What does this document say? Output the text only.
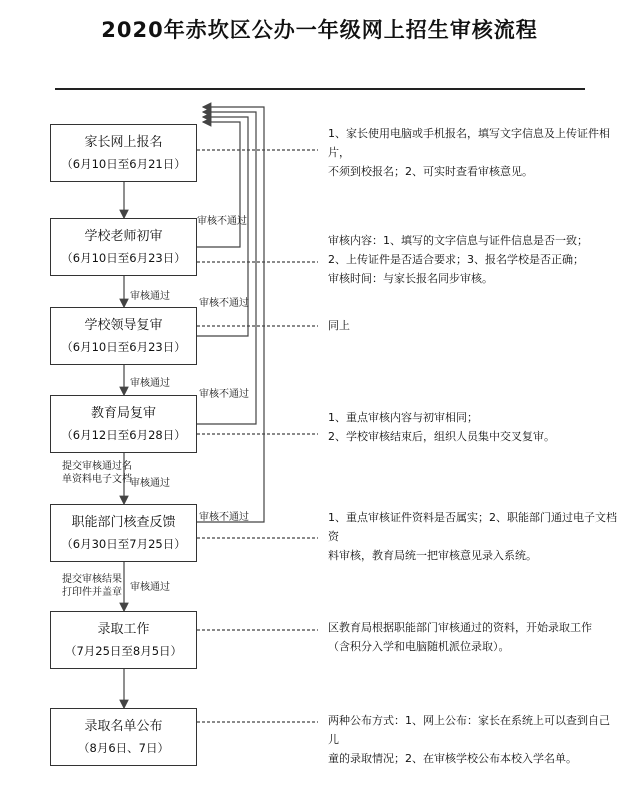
2020年赤坎区公办一年级网上招生审核流程
家长网上报名
（6月10日至6月21日）
学校老师初审
（6月10日至6月23日）
学校领导复审
（6月10日至6月23日）
教育局复审
（6月12日至6月28日）
职能部门核查反馈
（6月30日至7月25日）
录取工作
（7月25日至8月5日）
录取名单公布
（8月6日、7日）
审核不通过
审核通过
审核不通过
审核通过
审核不通过
提交审核通过名
单资料电子文档
审核通过
审核不通过
提交审核结果
打印件并盖章 审核通过
1、家长使用电脑或手机报名，填写文字信息及上传证件相片，
不须到校报名；2、可实时查看审核意见。
审核内容：1、填写的文字信息与证件信息是否一致；
2、上传证件是否适合要求；3、报名学校是否正确；
审核时间：与家长报名同步审核。
同上
1、重点审核内容与初审相同；
2、学校审核结束后，组织人员集中交叉复审。
1、重点审核证件资料是否属实；2、职能部门通过电子文档资
料审核，教育局统一把审核意见录入系统。
区教育局根据职能部门审核通过的资料，开始录取工作
（含积分入学和电脑随机派位录取）。
两种公布方式：1、网上公布：家长在系统上可以查到自己儿
童的录取情况；2、在审核学校公布本校入学名单。
